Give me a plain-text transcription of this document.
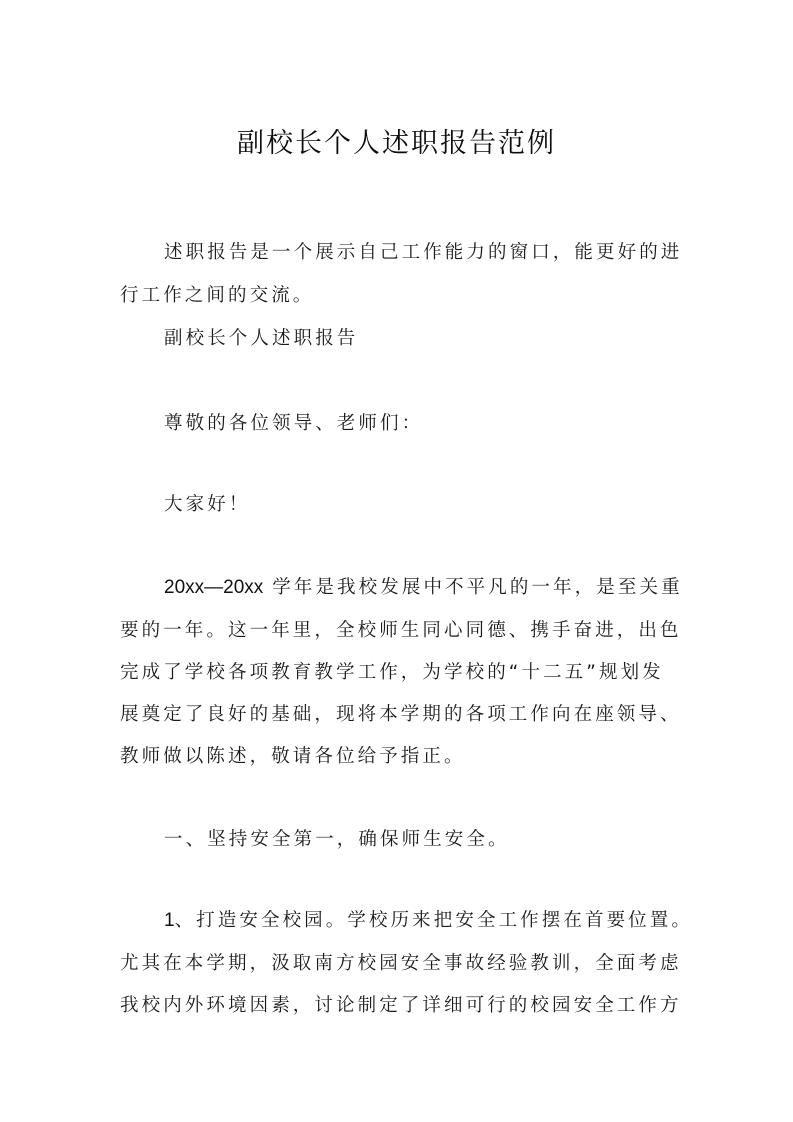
副校长个人述职报告范例
述职报告是一个展示自己工作能力的窗口，能更好的进
行工作之间的交流。
副校长个人述职报告
尊敬的各位领导、老师们：
大家好！
20xx—20xx 学年是我校发展中不平凡的一年，是至关重
要的一年。这一年里，全校师生同心同德、携手奋进，出色
完成了学校各项教育教学工作，为学校的“十二五”规划发
展奠定了良好的基础，现将本学期的各项工作向在座领导、
教师做以陈述，敬请各位给予指正。
一、坚持安全第一，确保师生安全。
1、打造安全校园。学校历来把安全工作摆在首要位置。
尤其在本学期，汲取南方校园安全事故经验教训，全面考虑
我校内外环境因素，讨论制定了详细可行的校园安全工作方
